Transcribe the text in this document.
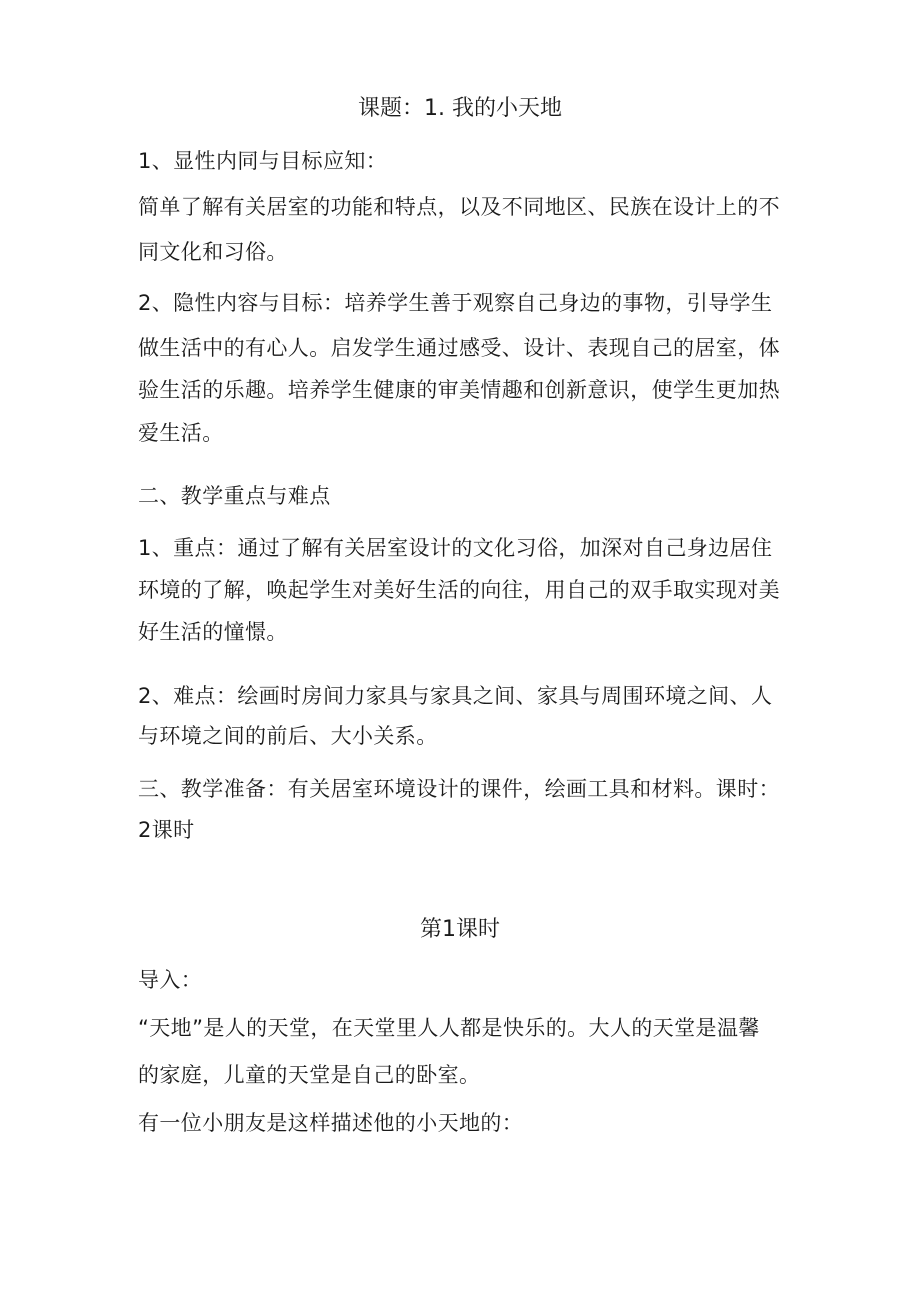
课题：1. 我的小天地
1、显性内同与目标应知：
简单了解有关居室的功能和特点，以及不同地区、民族在设计上的不
同文化和习俗。
2、隐性内容与目标：培养学生善于观察自己身边的事物，引导学生
做生活中的有心人。启发学生通过感受、设计、表现自己的居室，体
验生活的乐趣。培养学生健康的审美情趣和创新意识，使学生更加热
爱生活。
二、教学重点与难点
1、重点：通过了解有关居室设计的文化习俗，加深对自己身边居住
环境的了解，唤起学生对美好生活的向往，用自己的双手取实现对美
好生活的憧憬。
2、难点：绘画时房间力家具与家具之间、家具与周围环境之间、人
与环境之间的前后、大小关系。
三、教学准备：有关居室环境设计的课件，绘画工具和材料。课时：
2课时
第1课时
导入：
“天地”是人的天堂，在天堂里人人都是快乐的。大人的天堂是温馨
的家庭，儿童的天堂是自己的卧室。
有一位小朋友是这样描述他的小天地的：
